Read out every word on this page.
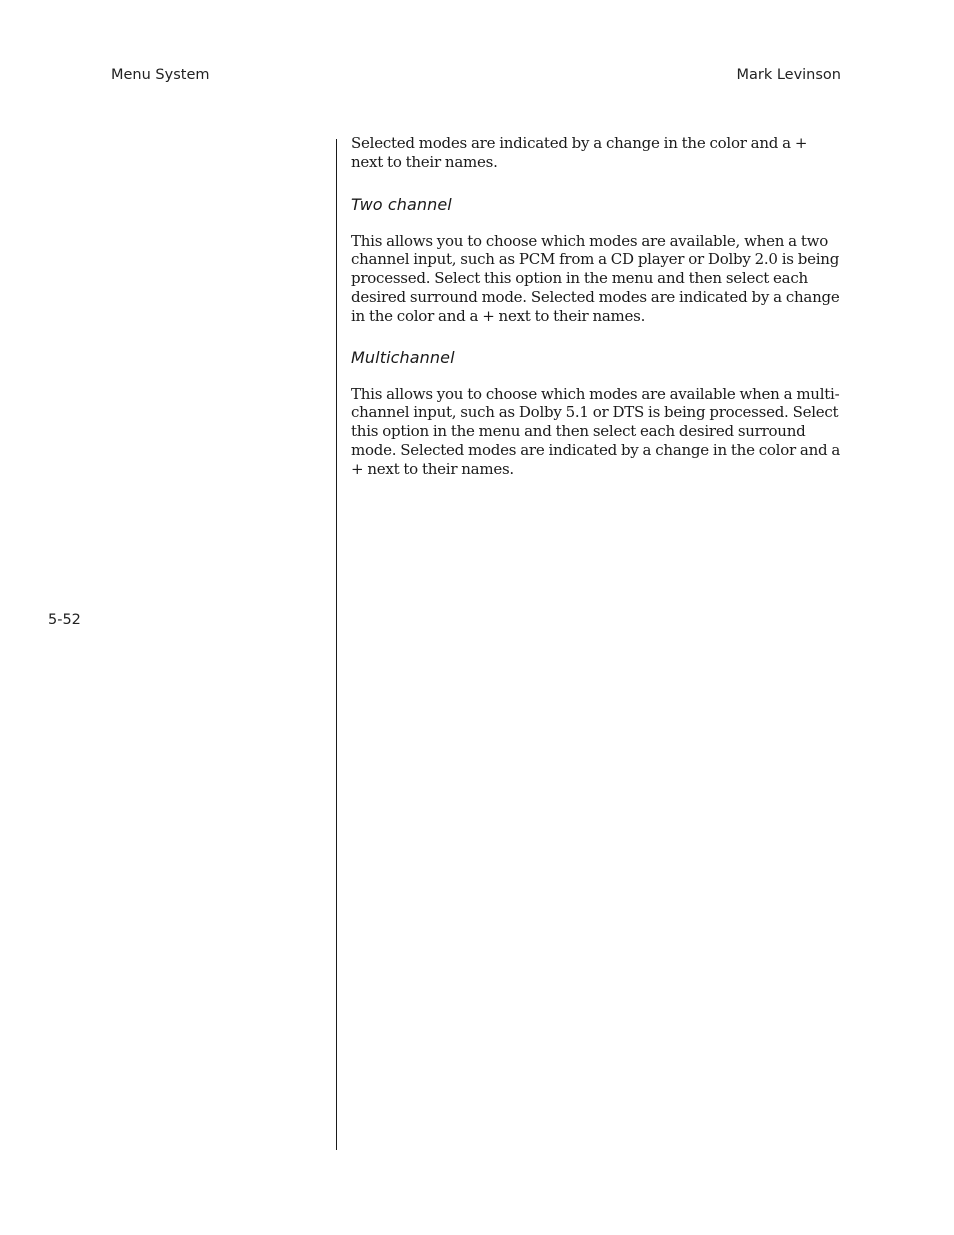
Menu System	Mark Levinson

Selected modes are indicated by a change in the color and a + next to their names.

Two channel

This allows you to choose which modes are available, when a two channel input, such as PCM from a CD player or Dolby 2.0 is being processed. Select this option in the menu and then select each desired surround mode. Selected modes are indicated by a change in the color and a + next to their names.

Multichannel

This allows you to choose which modes are available when a multi-channel input, such as Dolby 5.1 or DTS is being processed. Select this option in the menu and then select each desired surround mode. Selected modes are indicated by a change in the color and a + next to their names.

5-52
